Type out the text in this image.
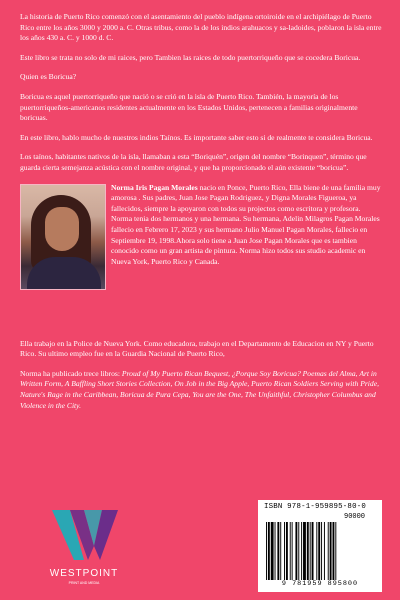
La historia de Puerto Rico comenzó con el asentamiento del pueblo indígena ortoiroide en el archipiélago de Puerto Rico entre los años 3000 y 2000 a. C. Otras tribus, como la de los indios arahuacos y sa-ladoides, poblaron la isla entre los años 430 a. C. y 1000 d. C.

Este libro se trata no solo de mi raices, pero Tambien las raices de todo puertorriqueño que se cocedera Boricua.

Quien es Boricua?

Boricua es aquel puertorriqueño que nació o se crió en la isla de Puerto Rico. También, la mayoría de los puertorriqueños-americanos residentes actualmente en los Estados Unidos, pertenecen a familias originalmente boricuas.

En este libro, hablo mucho de nuestros indios Taínos. Es importante saber esto si de realmente te considera Boricua.

Los taínos, habitantes nativos de la isla, llamaban a esta “Boriquén”, origen del nombre “Borinquen”, término que guarda cierta semejanza acústica con el nombre original, y que ha proporcionado el aún existente “boricua”.

Norma Iris Pagan Morales nacio en Ponce, Puerto Rico, Ella biene de una familia muy amorosa . Sus padres, Juan Jose Pagan Rodriguez, y Digna Morales Figueroa, ya fallecidos, siempre la apoyaron con todos su projectos como escritora y profesora. Norma tenia dos hermanos y una hermana. Su hermana, Adelin Milagros Pagan Morales fallecio en Febrero 17, 2023 y sus hermano Julio Manuel Pagan Morales, fallecio en Septiembre 19, 1998.Ahora solo tiene a Juan Jose Pagan Morales que es tambien conocido como un gran artista de pintura. Norma hizo todos sus studio academic en Nueva York, Puerto Rico y Canada.

Ella trabajo en la Police de Nueva York. Como educadora, trabajo en el Departamento de Educacion en NY y Puerto Rico. Su ultimo empleo fue en la Guardia Nacional de Puerto Rico,

Norma ha publicado trece libros: Proud of My Puerto Rican Bequest, ¿Porque Soy Boricua? Poemas del Alma, Art in Written Form, A Baffling Short Stories Collection, On Job in the Big Apple, Puerto Rican Soldiers Serving with Pride, Nature's Rage in the Caribbean, Boricua de Pura Cepa, You are the One, The Unfaithful, Christopher Columbus and Violence in the City.

WESTPOINT
PRINT AND MEDIA
ISBN 978-1-959895-80-0
90000
9 781959 895800
